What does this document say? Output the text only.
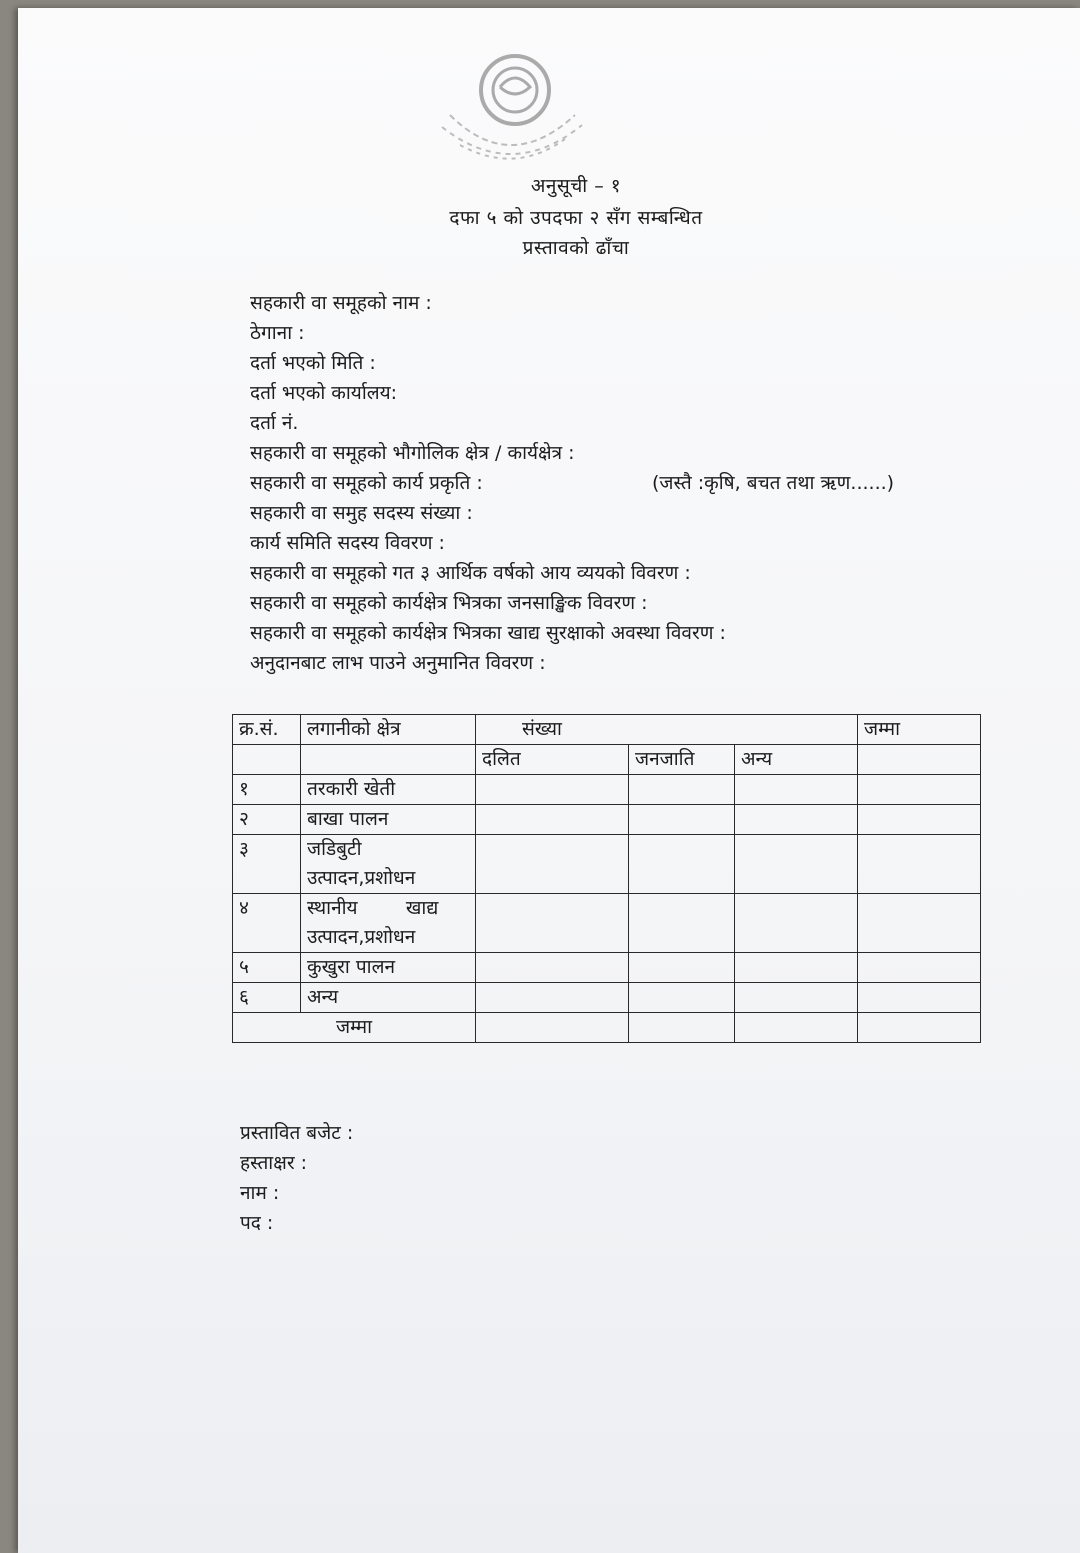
अनुसूची – १
दफा ५ को उपदफा २ सँग सम्बन्धित
प्रस्तावको ढाँचा
सहकारी वा समूहको नाम :
ठेगाना :
दर्ता भएको मिति :
दर्ता भएको कार्यालय:
दर्ता नं.
सहकारी वा समूहको भौगोलिक क्षेत्र / कार्यक्षेत्र :
सहकारी वा समूहको कार्य प्रकृति :	(जस्तै :कृषि, बचत तथा ऋण......)
सहकारी वा समुह सदस्य संख्या :
कार्य समिति सदस्य विवरण :
सहकारी वा समूहको गत ३ आर्थिक वर्षको आय व्ययको विवरण :
सहकारी वा समूहको कार्यक्षेत्र भित्रका जनसाङ्खिक विवरण :
सहकारी वा समूहको कार्यक्षेत्र भित्रका खाद्य सुरक्षाको अवस्था विवरण :
अनुदानबाट लाभ पाउने अनुमानित विवरण :
क्र.सं.	लगानीको क्षेत्र	संख्या			जम्मा
		दलित	जनजाति	अन्य	
१	तरकारी खेती				
२	बाखा पालन				
३	जडिबुटी
उत्पादन,प्रशोधन				

४	स्थानीय        खाद्य
उत्पादन,प्रशोधन				

५	कुखुरा पालन				
६	अन्य				
जम्मा					
प्रस्तावित बजेट :
हस्ताक्षर :
नाम :
पद :
